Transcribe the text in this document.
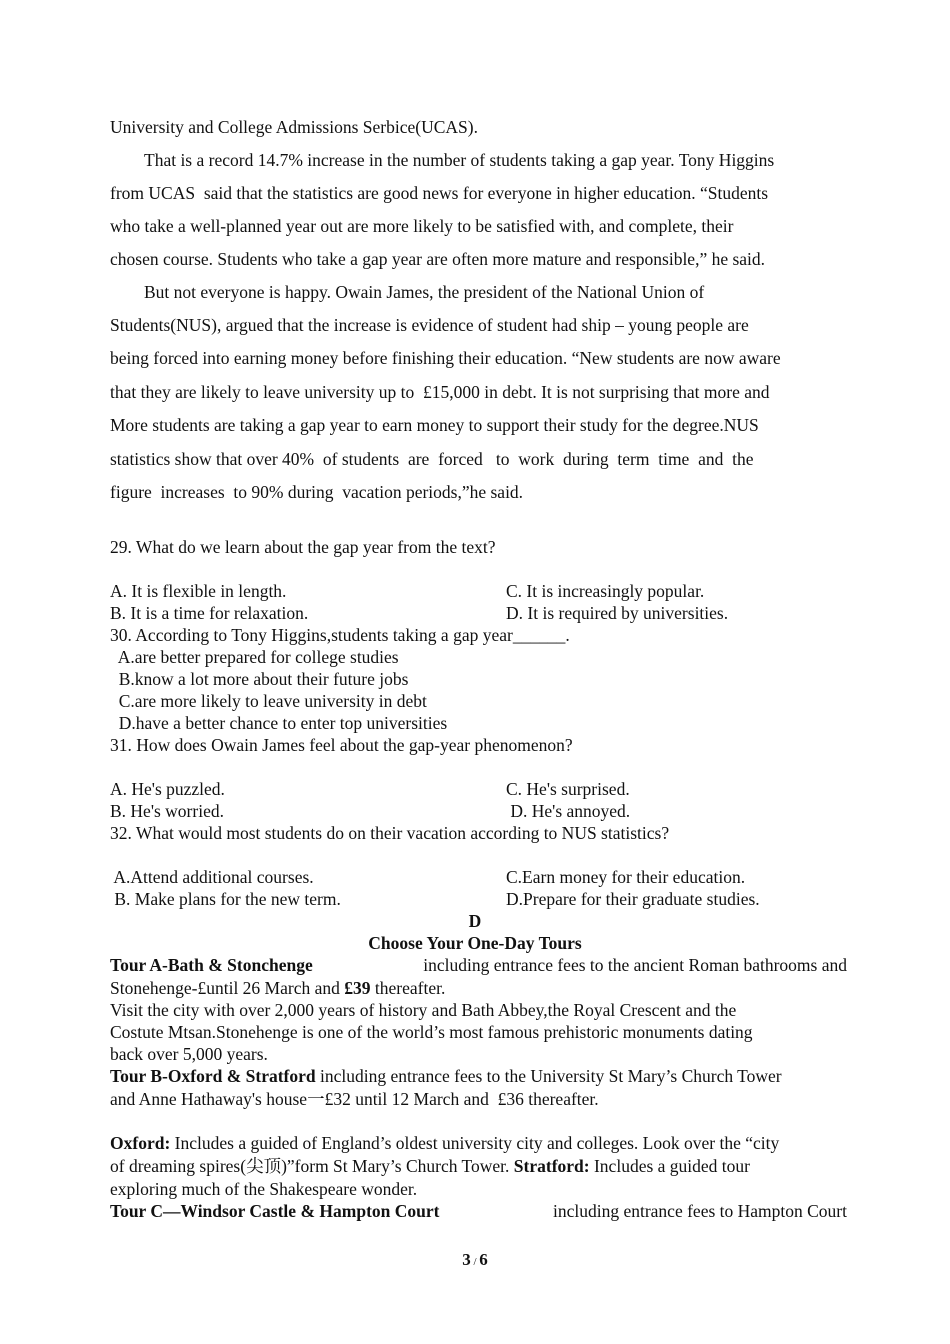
University and College Admissions Serbice(UCAS).
That is a record 14.7% increase in the number of students taking a gap year. Tony Higgins
from UCAS  said that the statistics are good news for everyone in higher education. “Students
who take a well-planned year out are more likely to be satisfied with, and complete, their
chosen course. Students who take a gap year are often more mature and responsible,” he said.
But not everyone is happy. Owain James, the president of the National Union of
Students(NUS), argued that the increase is evidence of student had ship – young people are
being forced into earning money before finishing their education. “New students are now aware
that they are likely to leave university up to  £15,000 in debt. It is not surprising that more and
More students are taking a gap year to earn money to support their study for the degree.NUS
statistics show that over 40%  of students  are  forced   to  work  during  term  time  and  the
figure  increases  to 90% during  vacation periods,”he said.
29. What do we learn about the gap year from the text?
A. It is flexible in length.	C. It is increasingly popular.
B. It is a time for relaxation.	D. It is required by universities.
30. According to Tony Higgins,students taking a gap year______.
A.are better prepared for college studies
B.know a lot more about their future jobs
C.are more likely to leave university in debt
D.have a better chance to enter top universities
31. How does Owain James feel about the gap-year phenomenon?
A. He's puzzled.	C. He's surprised.
B. He's worried.	D. He's annoyed.
32. What would most students do on their vacation according to NUS statistics?
A.Attend additional courses.	C.Earn money for their education.
B. Make plans for the new term.	D.Prepare for their graduate studies.
D
Choose Your One-Day Tours
Tour A-Bath & Stonchenge	including entrance fees to the ancient Roman bathrooms and
Stonehenge-£until 26 March and £39 thereafter.
Visit the city with over 2,000 years of history and Bath Abbey,the Royal Crescent and the
Costute Mtsan.Stonehenge is one of the world’s most famous prehistoric monuments dating
back over 5,000 years.
Tour B-Oxford & Stratford including entrance fees to the University St Mary’s Church Tower
and Anne Hathaway's house一£32 until 12 March and  £36 thereafter.
Oxford: Includes a guided of England’s oldest university city and colleges. Look over the “city
of dreaming spires(尖顶)”form St Mary’s Church Tower. Stratford: Includes a guided tour
exploring much of the Shakespeare wonder.
Tour C—Windsor Castle & Hampton Court	including entrance fees to Hampton Court
3 / 6
